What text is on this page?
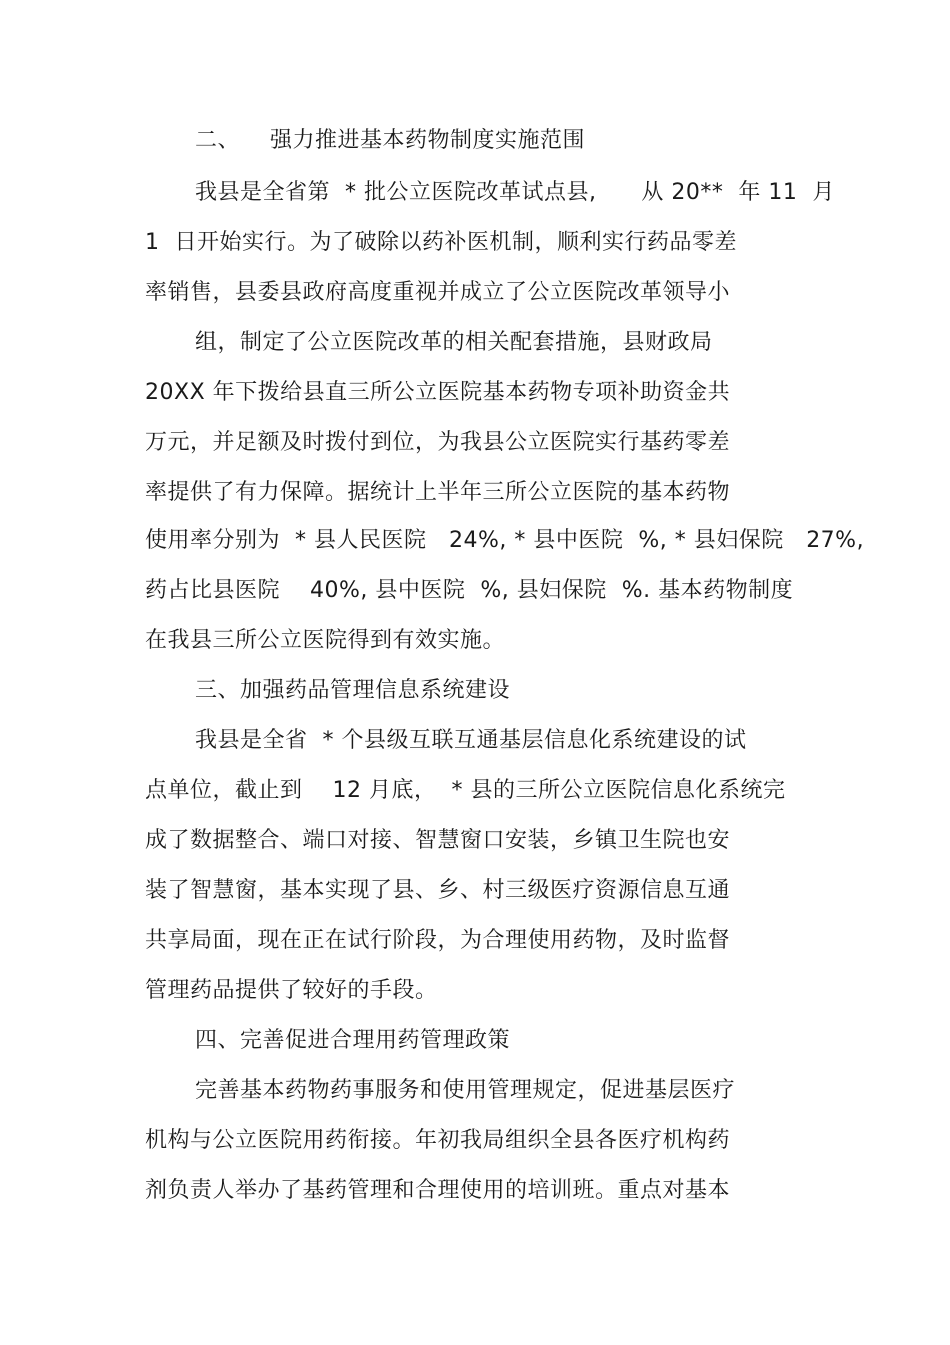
二、    强力推进基本药物制度实施范围
我县是全省第  * 批公立医院改革试点县,      从 20**  年 11  月
1  日开始实行。为了破除以药补医机制，顺利实行药品零差
率销售，县委县政府高度重视并成立了公立医院改革领导小
组，制定了公立医院改革的相关配套措施，县财政局
20XX 年下拨给县直三所公立医院基本药物专项补助资金共
万元，并足额及时拨付到位，为我县公立医院实行基药零差
率提供了有力保障。据统计上半年三所公立医院的基本药物
使用率分别为  * 县人民医院   24%, * 县中医院  %, * 县妇保院   27%,
药占比县医院    40%, 县中医院  %, 县妇保院  %. 基本药物制度
在我县三所公立医院得到有效实施。
三、加强药品管理信息系统建设
我县是全省  * 个县级互联互通基层信息化系统建设的试
点单位，截止到    12 月底，  * 县的三所公立医院信息化系统完
成了数据整合、端口对接、智慧窗口安装，乡镇卫生院也安
装了智慧窗，基本实现了县、乡、村三级医疗资源信息互通
共享局面，现在正在试行阶段，为合理使用药物，及时监督
管理药品提供了较好的手段。
四、完善促进合理用药管理政策
完善基本药物药事服务和使用管理规定，促进基层医疗
机构与公立医院用药衔接。年初我局组织全县各医疗机构药
剂负责人举办了基药管理和合理使用的培训班。重点对基本
